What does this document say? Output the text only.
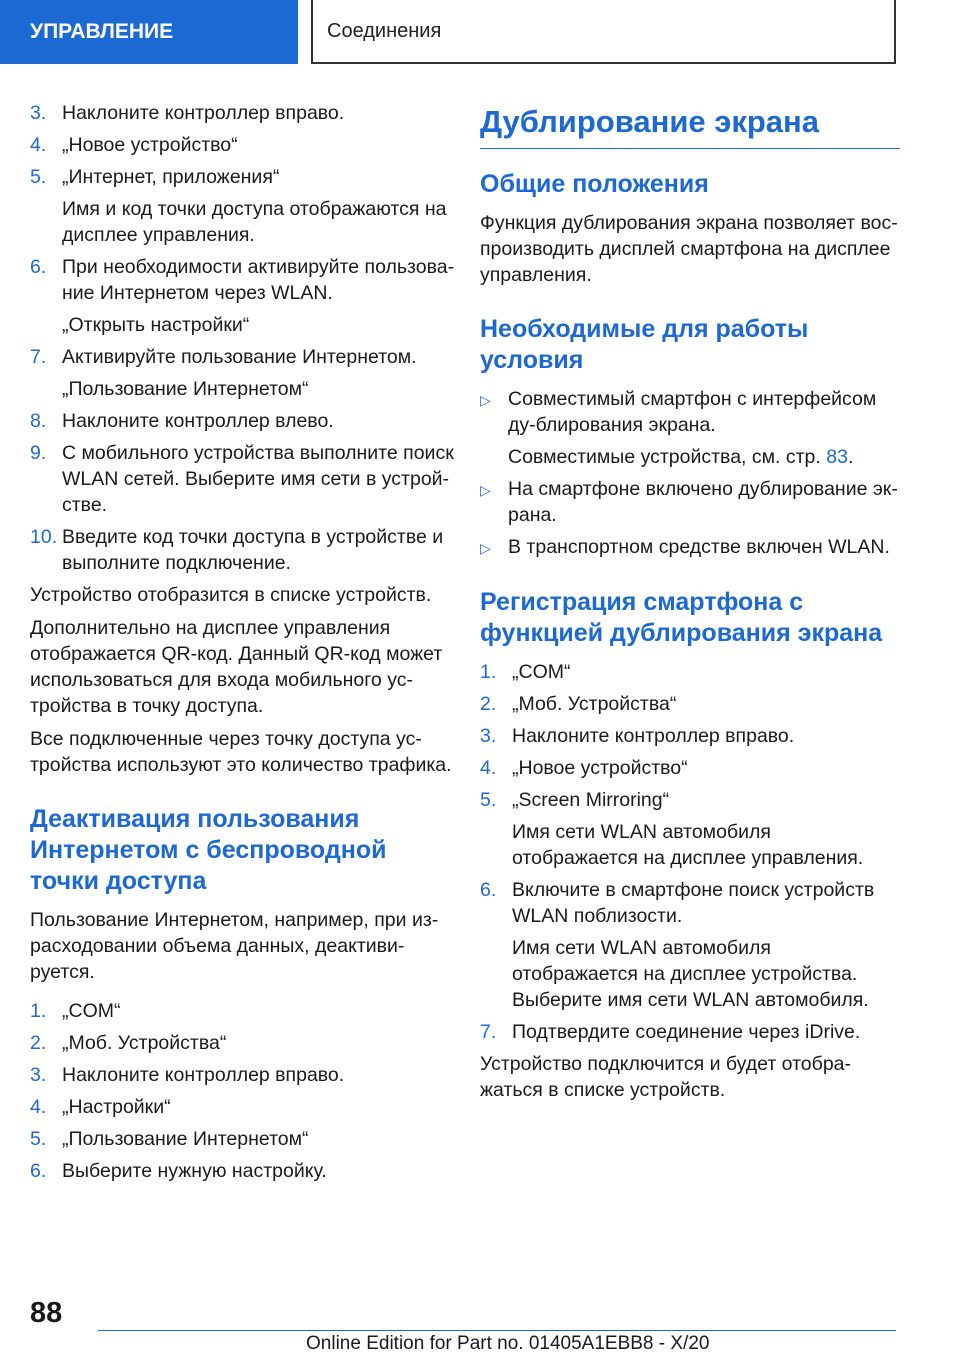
УПРАВЛЕНИЕ	Соединения
3. Наклоните контроллер вправо.
4. „Новое устройство“
5. „Интернет, приложения“
Имя и код точки доступа отображаются на дисплее управления.
6. При необходимости активируйте пользова-ние Интернетом через WLAN.
„Открыть настройки“
7. Активируйте пользование Интернетом.
„Пользование Интернетом“
8. Наклоните контроллер влево.
9. С мобильного устройства выполните поиск WLAN сетей. Выберите имя сети в устрой-стве.
10. Введите код точки доступа в устройстве и выполните подключение.
Устройство отобразится в списке устройств.
Дополнительно на дисплее управления отображается QR-код. Данный QR-код может использоваться для входа мобильного ус-тройства в точку доступа.
Все подключенные через точку доступа ус-тройства используют это количество трафика.
Деактивация пользования Интернетом с беспроводной точки доступа
Пользование Интернетом, например, при из-расходовании объема данных, деактиви-руется.
1. „COM“
2. „Моб. Устройства“
3. Наклоните контроллер вправо.
4. „Настройки“
5. „Пользование Интернетом“
6. Выберите нужную настройку.
Дублирование экрана
Общие положения
Функция дублирования экрана позволяет вос-производить дисплей смартфона на дисплее управления.
Необходимые для работы условия
▷ Совместимый смартфон с интерфейсом ду-блирования экрана.
Совместимые устройства, см. стр. 83.
▷ На смартфоне включено дублирование эк-рана.
▷ В транспортном средстве включен WLAN.
Регистрация смартфона с функцией дублирования экрана
1. „COM“
2. „Моб. Устройства“
3. Наклоните контроллер вправо.
4. „Новое устройство“
5. „Screen Mirroring“
Имя сети WLAN автомобиля отображается на дисплее управления.
6. Включите в смартфоне поиск устройств WLAN поблизости.
Имя сети WLAN автомобиля отображается на дисплее устройства. Выберите имя сети WLAN автомобиля.
7. Подтвердите соединение через iDrive.
Устройство подключится и будет отобра-жаться в списке устройств.
88
Online Edition for Part no. 01405A1EBB8 - X/20
